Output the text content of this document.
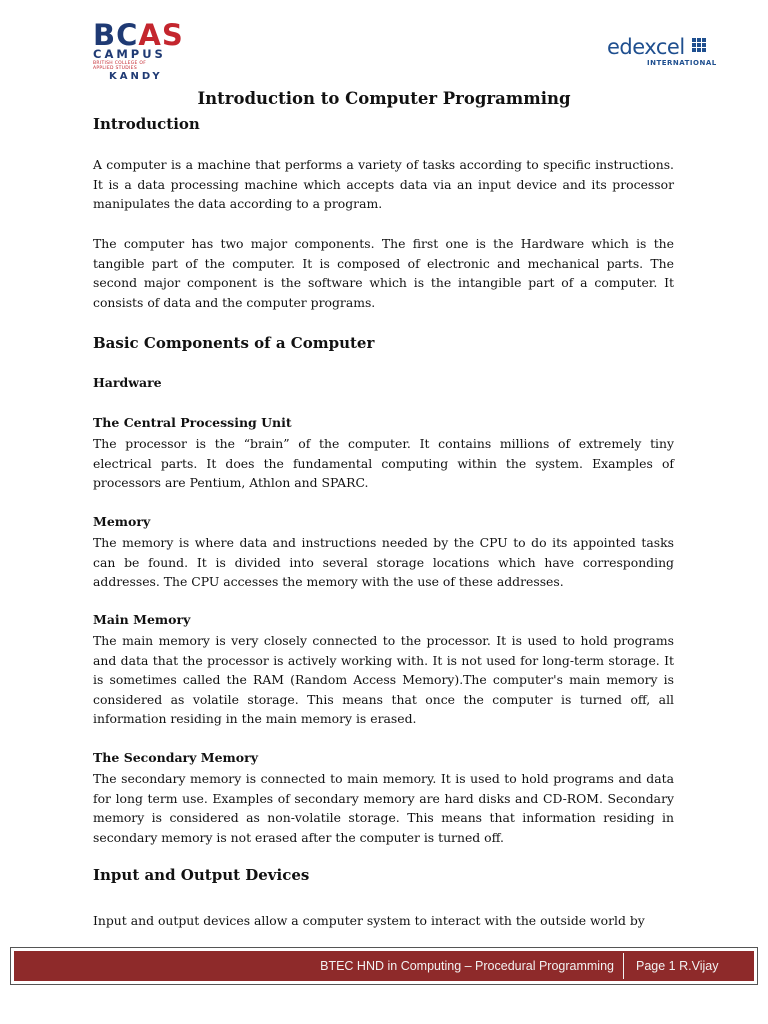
BCAS
CAMPUS
BRITISH COLLEGE OF
APPLIED STUDIES
KANDY
edexcel
INTERNATIONAL
Introduction to Computer Programming
Introduction
A computer is a machine that performs a variety of tasks according to specific instructions. It is a data processing machine which accepts data via an input device and its processor manipulates the data according to a program.
The computer has two major components. The first one is the Hardware which is the tangible part of the computer. It is composed of electronic and mechanical parts. The second major component is the software which is the intangible part of a computer. It consists of data and the computer programs.
Basic Components of a Computer
Hardware
The Central Processing Unit
The processor is the “brain” of the computer. It contains millions of extremely tiny electrical parts. It does the fundamental computing within the system. Examples of processors are Pentium, Athlon and SPARC.
Memory
The memory is where data and instructions needed by the CPU to do its appointed tasks can be found. It is divided into several storage locations which have corresponding addresses. The CPU accesses the memory with the use of these addresses.
Main Memory
The main memory is very closely connected to the processor. It is used to hold programs and data that the processor is actively working with. It is not used for long-term storage. It is sometimes called the RAM (Random Access Memory).The computer's main memory is considered as volatile storage. This means that once the computer is turned off, all information residing in the main memory is erased.
The Secondary Memory
The secondary memory is connected to main memory. It is used to hold programs and data for long term use. Examples of secondary memory are hard disks and CD-ROM. Secondary memory is considered as non-volatile storage. This means that information residing in secondary memory is not erased after the computer is turned off.
Input and Output Devices
Input and output devices allow a computer system to interact with the outside world by
BTEC HND in Computing – Procedural Programming Page 1 R.Vijay
